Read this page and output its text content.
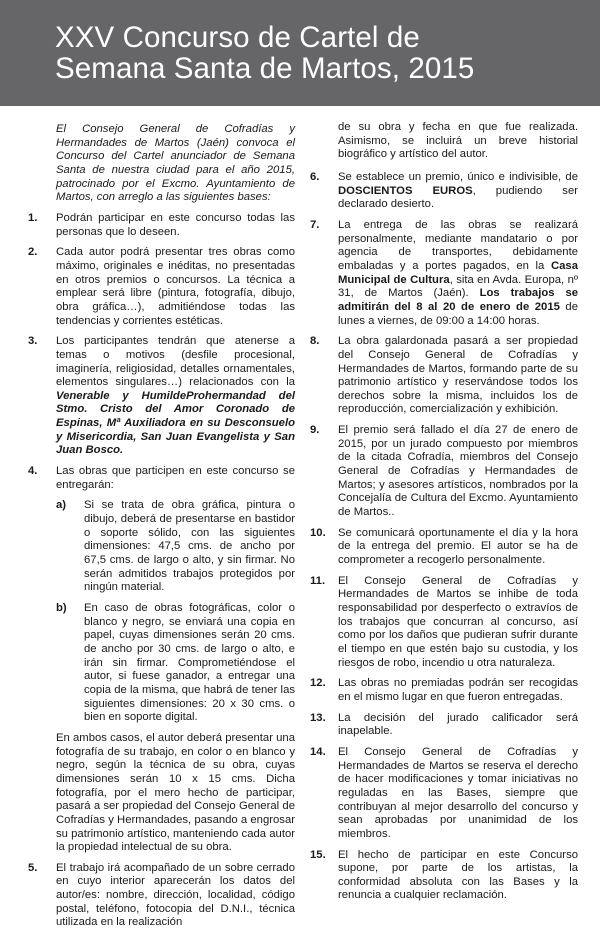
XXV Concurso de Cartel de
Semana Santa de Martos, 2015

El Consejo General de Cofradías y Hermandades de Martos (Jaén) convoca el Concurso del Cartel anunciador de Semana Santa de nuestra ciudad para el año 2015, patrocinado por el Excmo. Ayuntamiento de Martos, con arreglo a las siguientes bases:

1. Podrán participar en este concurso todas las personas que lo deseen.
2. Cada autor podrá presentar tres obras como máximo, originales e inéditas, no presentadas en otros premios o concursos. La técnica a emplear será libre (pintura, fotografía, dibujo, obra gráfica…), admitiéndose todas las tendencias y corrientes estéticas.
3. Los participantes tendrán que atenerse a temas o motivos (desfile procesional, imaginería, religiosidad, detalles ornamentales, elementos singulares…) relacionados con la Venerable y HumildeProhermandad del Stmo. Cristo del Amor Coronado de Espinas, Mª Auxiliadora en su Desconsuelo y Misericordia, San Juan Evangelista y San Juan Bosco.
4. Las obras que participen en este concurso se entregarán:
a) Si se trata de obra gráfica, pintura o dibujo, deberá de presentarse en bastidor o soporte sólido, con las siguientes dimensiones: 47,5 cms. de ancho por 67,5 cms. de largo o alto, y sin firmar. No serán admitidos trabajos protegidos por ningún material.
b) En caso de obras fotográficas, color o blanco y negro, se enviará una copia en papel, cuyas dimensiones serán 20 cms. de ancho por 30 cms. de largo o alto, e irán sin firmar. Comprometiéndose el autor, si fuese ganador, a entregar una copia de la misma, que habrá de tener las siguientes dimensiones: 20 x 30 cms. o bien en soporte digital.

En ambos casos, el autor deberá presentar una fotografía de su trabajo, en color o en blanco y negro, según la técnica de su obra, cuyas dimensiones serán 10 x 15 cms. Dicha fotografía, por el mero hecho de participar, pasará a ser propiedad del Consejo General de Cofradías y Hermandades, pasando a engrosar su patrimonio artístico, manteniendo cada autor la propiedad intelectual de su obra.

5. El trabajo irá acompañado de un sobre cerrado en cuyo interior aparecerán los datos del autor/es: nombre, dirección, localidad, código postal, teléfono, fotocopia del D.N.I., técnica utilizada en la realización

de su obra y fecha en que fue realizada. Asimismo, se incluirá un breve historial biográfico y artístico del autor.

6. Se establece un premio, único e indivisible, de DOSCIENTOS EUROS, pudiendo ser declarado desierto.
7. La entrega de las obras se realizará personalmente, mediante mandatario o por agencia de transportes, debidamente embaladas y a portes pagados, en la Casa Municipal de Cultura, sita en Avda. Europa, nº 31, de Martos (Jaén). Los trabajos se admitirán del 8 al 20 de enero de 2015 de lunes a viernes, de 09:00 a 14:00 horas.
8. La obra galardonada pasará a ser propiedad del Consejo General de Cofradías y Hermandades de Martos, formando parte de su patrimonio artístico y reservándose todos los derechos sobre la misma, incluidos los de reproducción, comercialización y exhibición.
9. El premio será fallado el día 27 de enero de 2015, por un jurado compuesto por miembros de la citada Cofradía, miembros del Consejo General de Cofradías y Hermandades de Martos; y asesores artísticos, nombrados por la Concejalía de Cultura del Excmo. Ayuntamiento de Martos..
10. Se comunicará oportunamente el día y la hora de la entrega del premio. El autor se ha de comprometer a recogerlo personalmente.
11. El Consejo General de Cofradías y Hermandades de Martos se inhibe de toda responsabilidad por desperfecto o extravíos de los trabajos que concurran al concurso, así como por los daños que pudieran sufrir durante el tiempo en que estén bajo su custodia, y los riesgos de robo, incendio u otra naturaleza.
12. Las obras no premiadas podrán ser recogidas en el mismo lugar en que fueron entregadas.
13. La decisión del jurado calificador será inapelable.
14. El Consejo General de Cofradías y Hermandades de Martos se reserva el derecho de hacer modificaciones y tomar iniciativas no reguladas en las Bases, siempre que contribuyan al mejor desarrollo del concurso y sean aprobadas por unanimidad de los miembros.
15. El hecho de participar en este Concurso supone, por parte de los artistas, la conformidad absoluta con las Bases y la renuncia a cualquier reclamación.
